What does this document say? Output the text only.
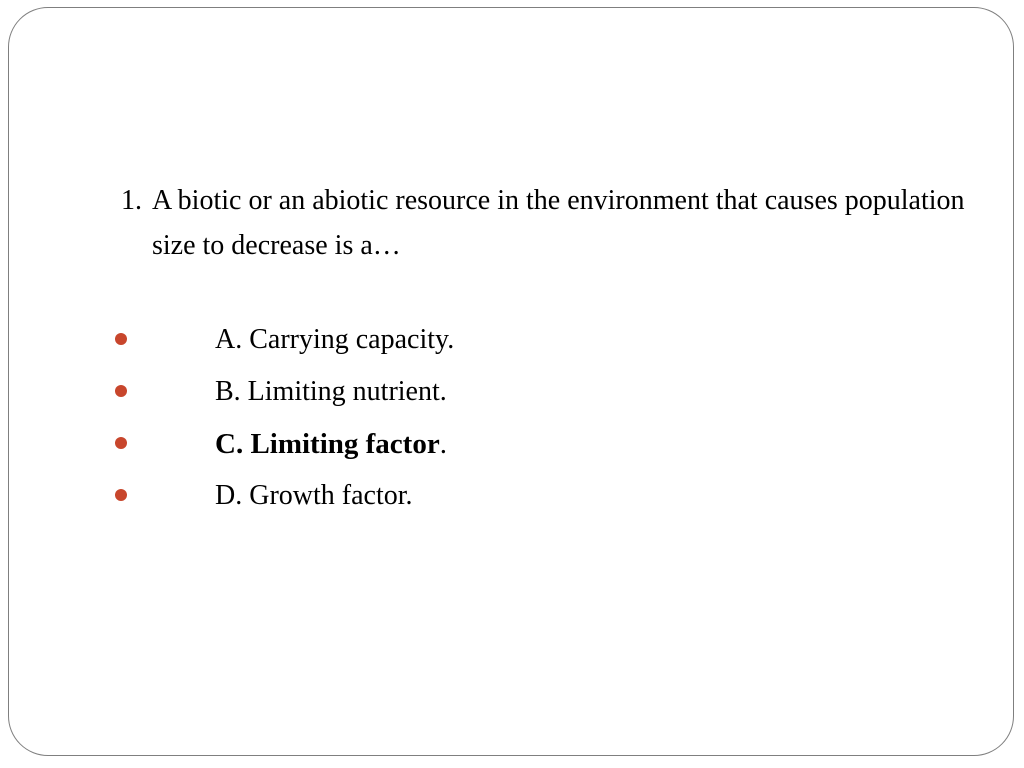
1. A biotic or an abiotic resource in the environment that causes population size to decrease is a…
A. Carrying capacity.
B. Limiting nutrient.
C. Limiting factor.
D. Growth factor.
